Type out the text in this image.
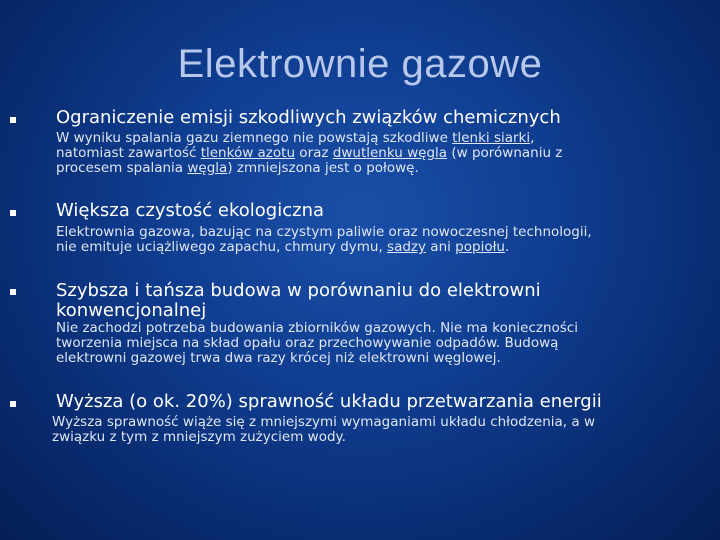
Elektrownie gazowe
Ograniczenie emisji szkodliwych związków chemicznych
W wyniku spalania gazu ziemnego nie powstają szkodliwe tlenki siarki,
natomiast zawartość tlenków azotu oraz dwutlenku węgla (w porównaniu z
procesem spalania węgla) zmniejszona jest o połowę.
Większa czystość ekologiczna
Elektrownia gazowa, bazując na czystym paliwie oraz nowoczesnej technologii,
nie emituje uciążliwego zapachu, chmury dymu, sadzy ani popiołu.
Szybsza i tańsza budowa w porównaniu do elektrowni konwencjonalnej
Nie zachodzi potrzeba budowania zbiorników gazowych. Nie ma konieczności
tworzenia miejsca na skład opału oraz przechowywanie odpadów. Budową
elektrowni gazowej trwa dwa razy krócej niż elektrowni węglowej.
Wyższa (o ok. 20%) sprawność układu przetwarzania energii
Wyższa sprawność wiąże się z mniejszymi wymaganiami układu chłodzenia, a w
związku z tym z mniejszym zużyciem wody.
